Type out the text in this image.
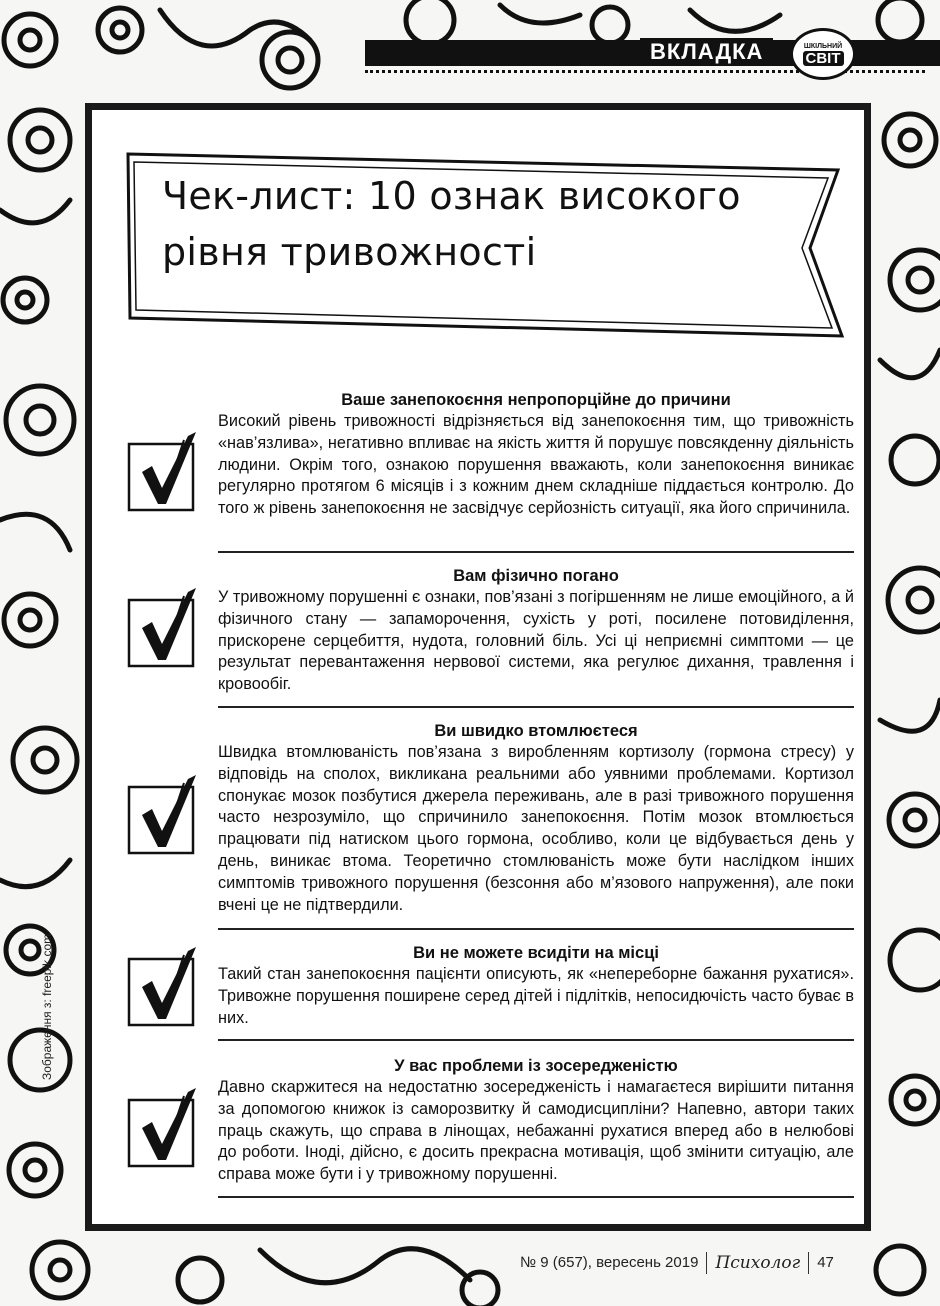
ВКЛАДКА	ШКІЛЬНИЙ
СВІТ
Чек-лист: 10 ознак високого рівня тривожності

Ваше занепокоєння непропорційне до причини

Високий рівень тривожності відрізняється від занепокоєння тим, що тривожність «нав’язлива», негативно впливає на якість життя й порушує повсякденну діяльність людини. Окрім того, ознакою порушення вважають, коли занепокоєння виникає регулярно протягом 6 місяців і з кожним днем складніше піддається контролю. До того ж рівень занепокоєння не засвідчує серйозність ситуації, яка його спричинила.

Вам фізично погано

У тривожному порушенні є ознаки, пов’язані з погіршенням не лише емоційного, а й фізичного стану — запаморочення, сухість у роті, посилене потовиділення, прискорене серцебиття, нудота, головний біль. Усі ці неприємні симптоми — це результат перевантаження нервової системи, яка регулює дихання, травлення і кровообіг.

Ви швидко втомлюєтеся

Швидка втомлюваність пов’язана з виробленням кортизолу (гормона стресу) у відповідь на сполох, викликана реальними або уявними проблемами. Кортизол спонукає мозок позбутися джерела переживань, але в разі тривожного порушення часто незрозуміло, що спричинило занепокоєння. Потім мозок втомлюється працювати під натиском цього гормона, особливо, коли це відбувається день у день, виникає втома. Теоретично стомлюваність може бути наслідком інших симптомів тривожного порушення (безсоння або м’язового напруження), але поки вчені це не підтвердили.

Ви не можете всидіти на місці

Такий стан занепокоєння пацієнти описують, як «непереборне бажання рухатися». Тривожне порушення поширене серед дітей і підлітків, непосидючість часто буває в них.

У вас проблеми із зосередженістю

Давно скаржитеся на недостатню зосередженість і намагаєтеся вирішити питання за допомогою книжок із саморозвитку й самодисципліни? Напевно, автори таких праць скажуть, що справа в лінощах, небажанні рухатися вперед або в нелюбові до роботи. Іноді, дійсно, є досить прекрасна мотивація, щоб змінити ситуацію, але справа може бути і у тривожному порушенні.

Зображення з: freepik.com
№ 9 (657), вересень 2019 Психолог 47
